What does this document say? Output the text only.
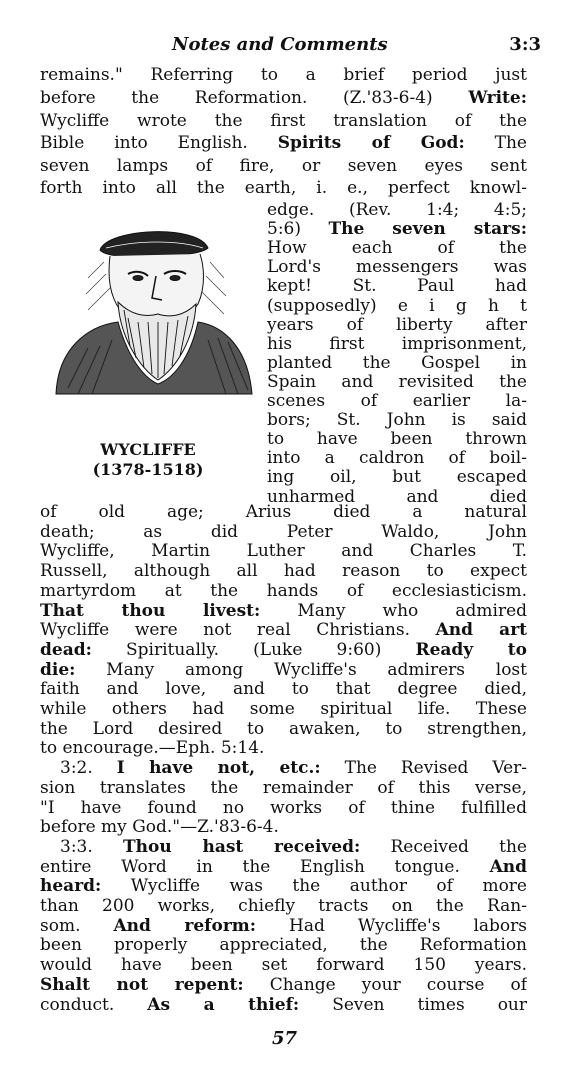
Notes and Comments	3:3
remains." Referring to a brief period just
before the Reformation. (Z.'83-6-4) Write:
Wycliffe wrote the first translation of the
Bible into English. Spirits of God: The
seven lamps of fire, or seven eyes sent
forth into all the earth, i. e., perfect knowl-
edge. (Rev. 1:4; 4:5;
5:6) The seven stars:
How each of the
Lord's messengers was
kept! St. Paul had
(supposedly) e i g h t
years of liberty after
his first imprisonment,
planted the Gospel in
Spain and revisited the
scenes of earlier la-
bors; St. John is said
to have been thrown
into a caldron of boil-
ing oil, but escaped
unharmed and died
of old age; Arius died a natural
death; as did Peter Waldo, John
Wycliffe, Martin Luther and Charles T.
Russell, although all had reason to expect
martyrdom at the hands of ecclesiasticism.
That thou livest: Many who admired
Wycliffe were not real Christians. And art
dead: Spiritually. (Luke 9:60) Ready to
die: Many among Wycliffe's admirers lost
faith and love, and to that degree died,
while others had some spiritual life. These
the Lord desired to awaken, to strengthen,
to encourage.—Eph. 5:14.
3:2. I have not, etc.: The Revised Ver-
sion translates the remainder of this verse,
"I have found no works of thine fulfilled
before my God."—Z.'83-6-4.
3:3. Thou hast received: Received the
entire Word in the English tongue. And
heard: Wycliffe was the author of more
than 200 works, chiefly tracts on the Ran-
som. And reform: Had Wycliffe's labors
been properly appreciated, the Reformation
would have been set forward 150 years.
Shalt not repent: Change your course of
conduct. As a thief: Seven times our
WYCLIFFE
(1378-1518)
57
